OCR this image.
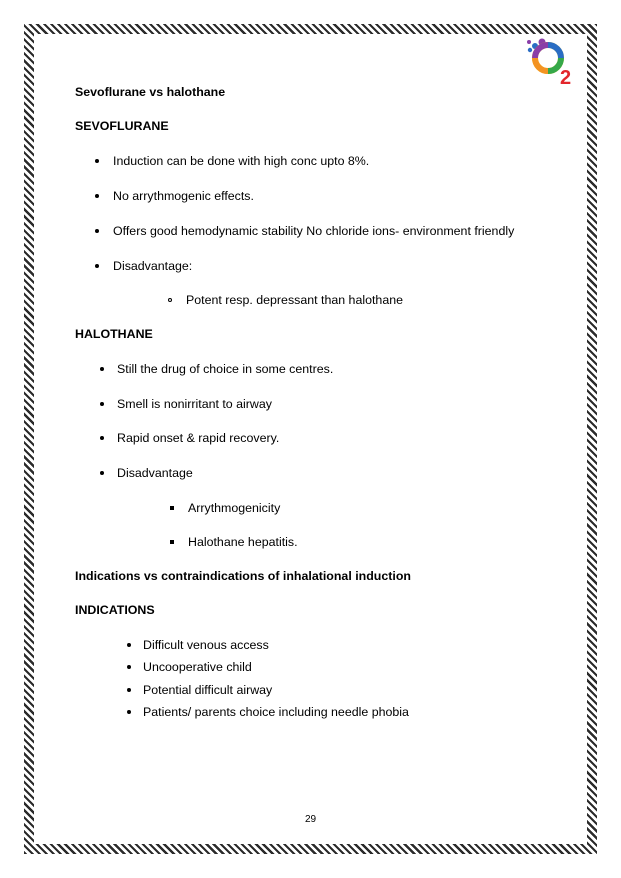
2
Sevoflurane vs halothane
SEVOFLURANE
Induction can be done with high conc upto 8%.
No arrythmogenic effects.
Offers good hemodynamic stability No chloride ions- environment friendly
Disadvantage:
Potent resp. depressant than halothane
HALOTHANE
Still the drug of choice in some centres.
Smell is nonirritant to airway
Rapid onset & rapid recovery.
Disadvantage
Arrythmogenicity
Halothane hepatitis.
Indications vs contraindications of inhalational induction
INDICATIONS
Difficult venous access
Uncooperative child
Potential difficult airway
Patients/ parents choice including needle phobia
29
